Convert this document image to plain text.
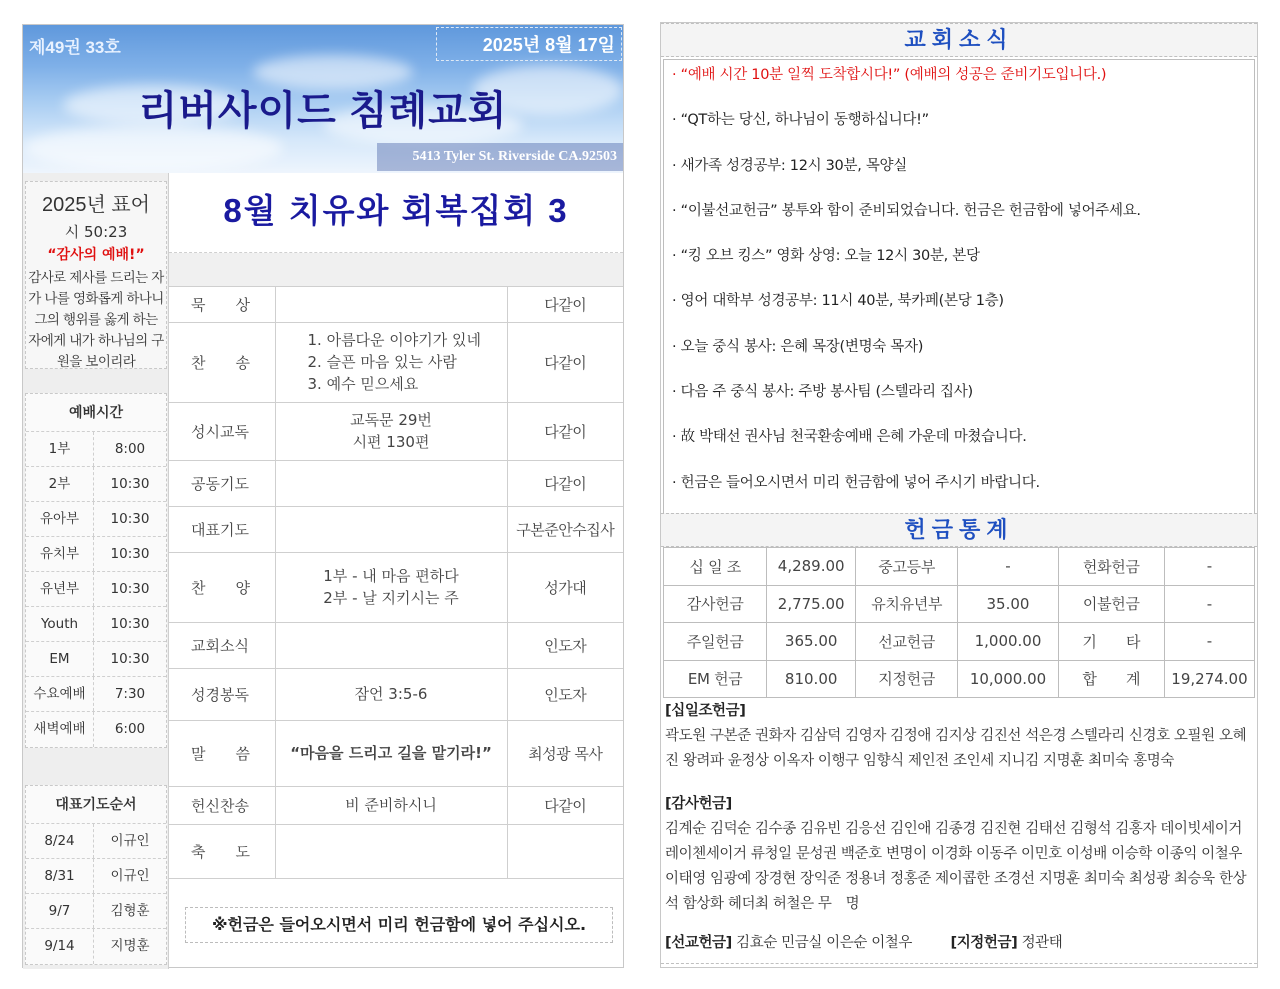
제49권 33호	2025년 8월 17일
리버사이드 침례교회
5413 Tyler St. Riverside CA.92503
2025년 표어
시 50:23
“감사의 예배!”
감사로 제사를 드리는 자가 나를 영화롭게 하나니 그의 행위를 옳게 하는 자에게 내가 하나님의 구원을 보이리라
예배시간
1부	8:00
2부	10:30
유아부	10:30
유치부	10:30
유년부	10:30
Youth	10:30
EM	10:30
수요예배	7:30
새벽예배	6:00
대표기도순서
8/24	이규인
8/31	이규인
9/7	김형훈
9/14	지명훈
8월 치유와 회복집회 3
묵　　상		다같이
찬　　송	1. 아름다운 이야기가 있네
2. 슬픈 마음 있는 사람
3. 예수 믿으세요	다같이
성시교독	교독문 29번
시편 130편	다같이
공동기도		다같이
대표기도		구본준안수집사
찬　　양	1부 - 내 마음 편하다
2부 - 날 지키시는 주	성가대
교회소식		인도자
성경봉독	잠언 3:5-6	인도자
말　　씀	“마음을 드리고 길을 맡기라!”	최성광 목사
헌신찬송	비 준비하시니	다같이
축　　도		
※헌금은 들어오시면서 미리 헌금함에 넣어 주십시오.
교회소식
· “예배 시간 10분 일찍 도착합시다!” (예배의 성공은 준비기도입니다.)
· “QT하는 당신, 하나님이 동행하십니다!”
· 새가족 성경공부: 12시 30분, 목양실
· “이불선교헌금” 봉투와 함이 준비되었습니다. 헌금은 헌금함에 넣어주세요.
· “킹 오브 킹스” 영화 상영: 오늘 12시 30분, 본당
· 영어 대학부 성경공부: 11시 40분, 북카페(본당 1층)
· 오늘 중식 봉사: 은혜 목장(변명숙 목자)
· 다음 주 중식 봉사: 주방 봉사팀 (스텔라리 집사)
· 故 박태선 권사님 천국환송예배 은혜 가운데 마쳤습니다.
· 헌금은 들어오시면서 미리 헌금함에 넣어 주시기 바랍니다.
헌금통계
십 일 조	4,289.00	중고등부	-	헌화헌금	-
감사헌금	2,775.00	유치유년부	35.00	이불헌금	-
주일헌금	365.00	선교헌금	1,000.00	기　　타	-
EM 헌금	810.00	지정헌금	10,000.00	합　　계	19,274.00
[십일조헌금]
곽도원 구본준 권화자 김삼덕 김영자 김정애 김지상 김진선 석은경 스텔라리 신경호 오필원 오혜진 왕려파 윤정상 이옥자 이행구 임향식 제인전 조인세 지니김 지명훈 최미숙 홍명숙
[감사헌금]
김계순 김덕순 김수종 김유빈 김응선 김인애 김종경 김진현 김태선 김형석 김홍자 데이빗세이거 레이첸세이거 류청일 문성권 백준호 변명이 이경화 이동주 이민호 이성배 이승학 이종익 이철우 이태영 임광예 장경현 장익준 정용녀 정홍준 제이콥한 조경선 지명훈 최미숙 최성광 최승욱 한상석 함상화 헤더최 허철은 무　명
[선교헌금] 김효순 민금실 이은순 이철우	[지정헌금] 정관태
